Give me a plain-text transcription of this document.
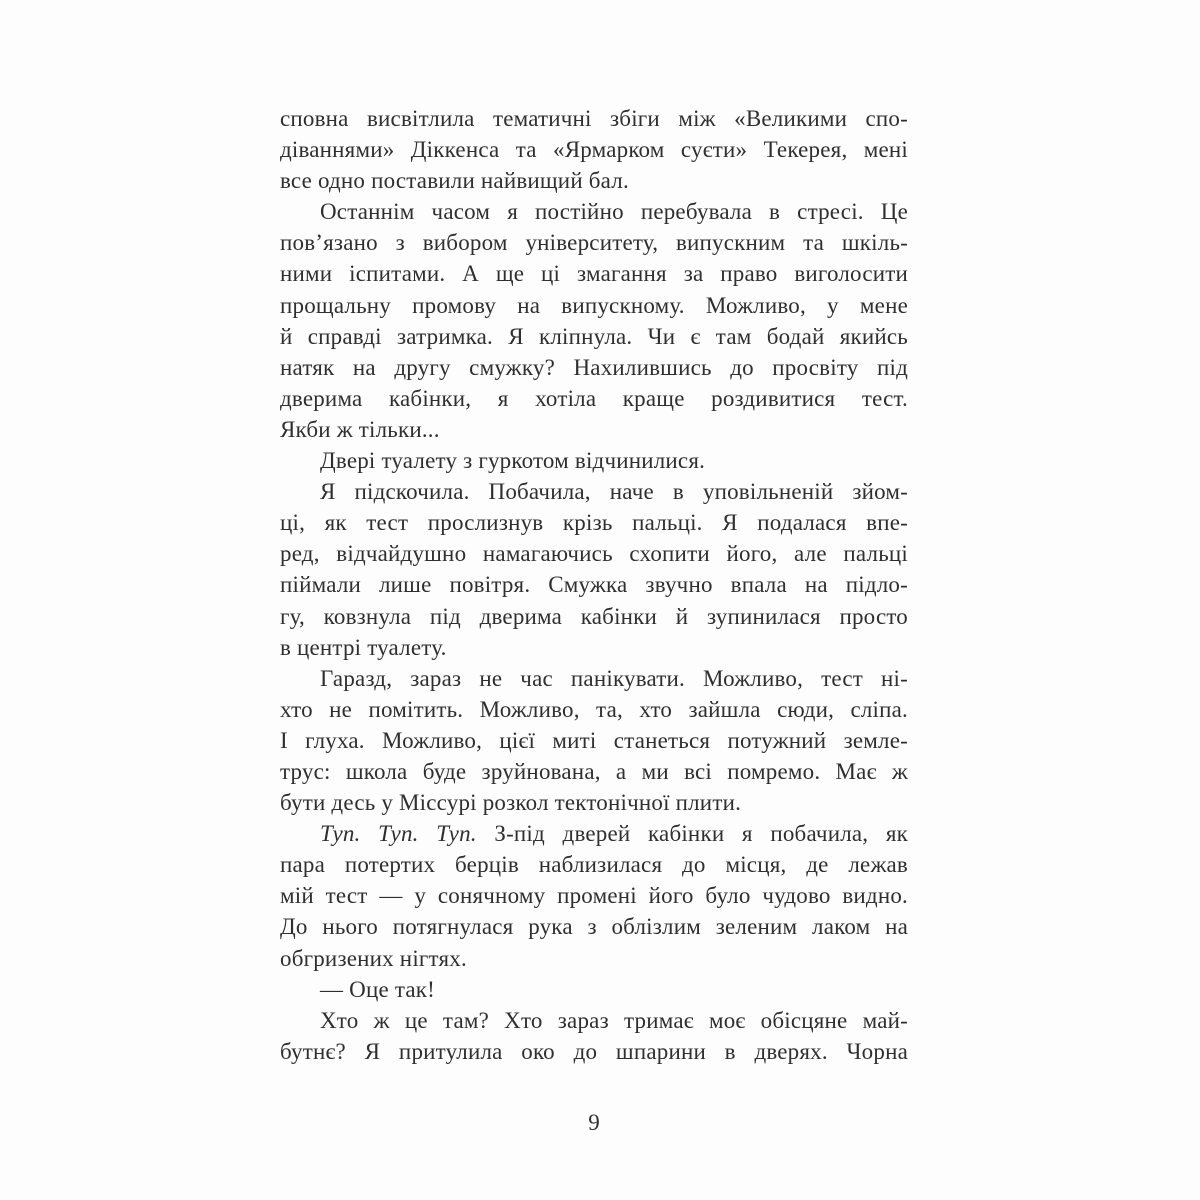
сповна висвітлила тематичні збіги між «Великими спо-
діваннями» Діккенса та «Ярмарком суєти» Текерея, мені
все одно поставили найвищий бал.
Останнім часом я постійно перебувала в стресі. Це
пов’язано з вибором університету, випускним та шкіль-
ними іспитами. А ще ці змагання за право виголосити
прощальну промову на випускному. Можливо, у мене
й справді затримка. Я кліпнула. Чи є там бодай якийсь
натяк на другу смужку? Нахилившись до просвіту під
дверима кабінки, я хотіла краще роздивитися тест.
Якби ж тільки...
Двері туалету з гуркотом відчинилися.
Я підскочила. Побачила, наче в уповільненій зйом-
ці, як тест прослизнув крізь пальці. Я подалася впе-
ред, відчайдушно намагаючись схопити його, але пальці
піймали лише повітря. Смужка звучно впала на підло-
гу, ковзнула під дверима кабінки й зупинилася просто
в центрі туалету.
Гаразд, зараз не час панікувати. Можливо, тест ні-
хто не помітить. Можливо, та, хто зайшла сюди, сліпа.
І глуха. Можливо, цієї миті станеться потужний земле-
трус: школа буде зруйнована, а ми всі помремо. Має ж
бути десь у Міссурі розкол тектонічної плити.
Туп. Туп. Туп. З-під дверей кабінки я побачила, як
пара потертих берців наблизилася до місця, де лежав
мій тест — у сонячному промені його було чудово видно.
До нього потягнулася рука з облізлим зеленим лаком на
обгризених нігтях.
— Оце так!
Хто ж це там? Хто зараз тримає моє обісцяне май-
бутнє? Я притулила око до шпарини в дверях. Чорна
9
